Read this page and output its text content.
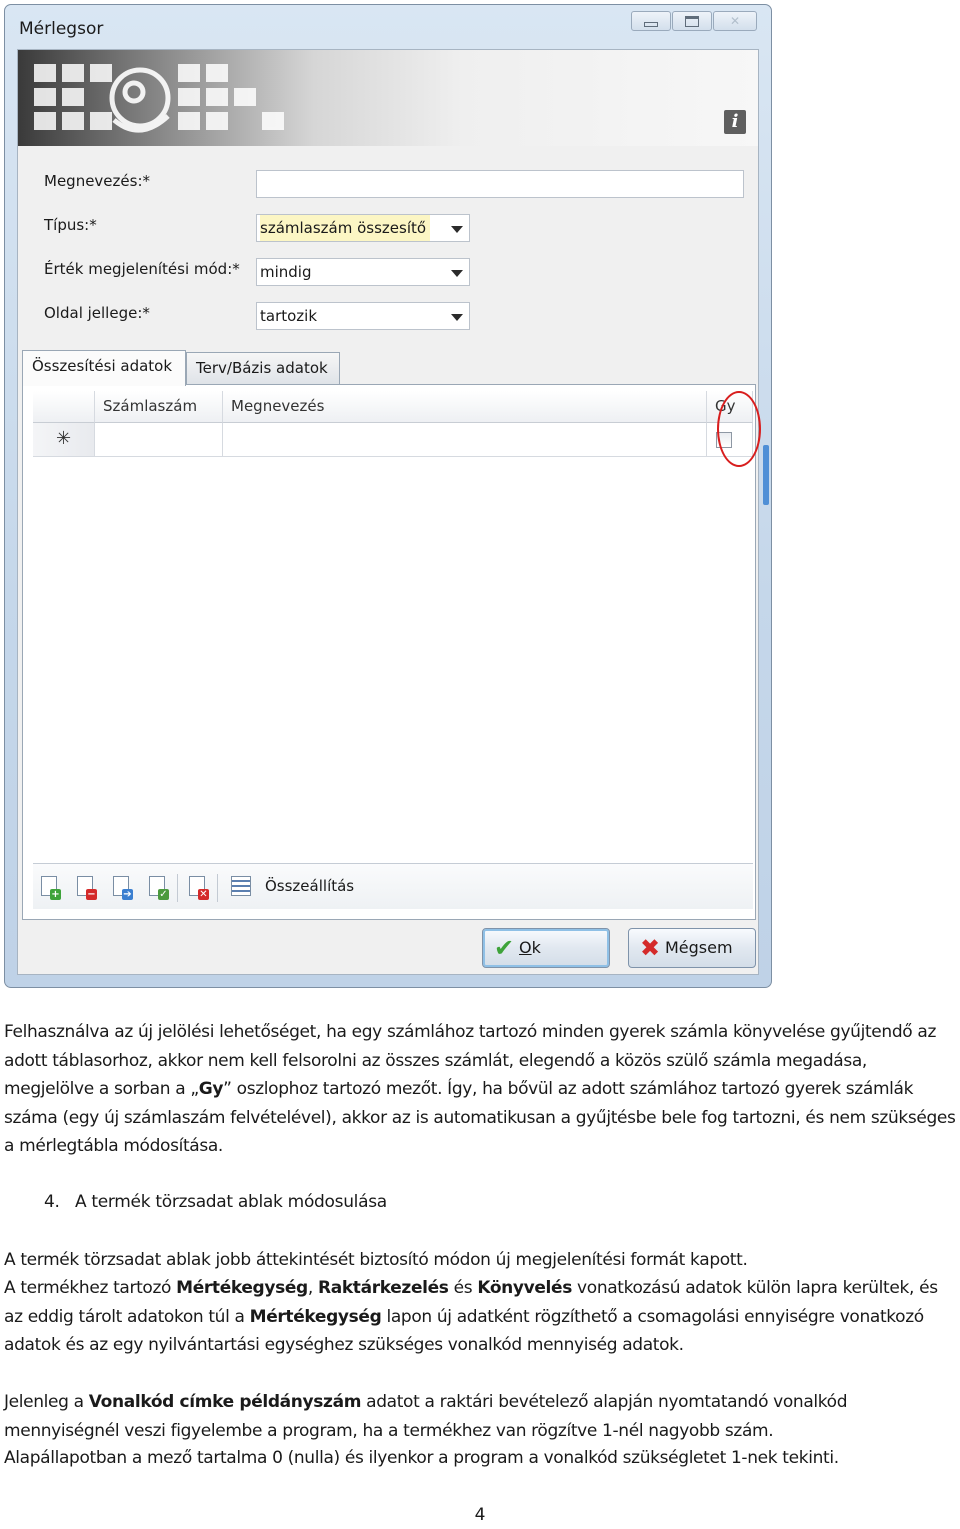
Mérlegsor	✕
i
Megnevezés:*
Típus:*	számlaszám összesítő
Érték megjelenítési mód:* mindig
Oldal jellege:*	tartozik
Összesítési adatok	Terv/Bázis adatok
Számlaszám	Megnevezés	Gy
✳
+	−	➔	✓	✕	Összeállítás
✔ Ok	✖ Mégsem

Felhasználva az új jelölési lehetőséget, ha egy számlához tartozó minden gyerek számla könyvelése gyűjtendő az adott táblasorhoz, akkor nem kell felsorolni az összes számlát, elegendő a közös szülő számla megadása, megjelölve a sorban a „Gy” oszlophoz tartozó mezőt. Így, ha bővül az adott számlához tartozó gyerek számlák száma (egy új számlaszám felvételével), akkor az is automatikusan a gyűjtésbe bele fog tartozni, és nem szükséges a mérlegtábla módosítása.

4. A termék törzsadat ablak módosulása

A termék törzsadat ablak jobb áttekintését biztosító módon új megjelenítési formát kapott.

A termékhez tartozó Mértékegység, Raktárkezelés és Könyvelés vonatkozású adatok külön lapra kerültek, és az eddig tárolt adatokon túl a Mértékegység lapon új adatként rögzíthető a csomagolási ennyiségre vonatkozó adatok és az egy nyilvántartási egységhez szükséges vonalkód mennyiség adatok.

Jelenleg a Vonalkód címke példányszám adatot a raktári bevételező alapján nyomtatandó vonalkód mennyiségnél veszi figyelembe a program, ha a termékhez van rögzítve 1-nél nagyobb szám.

Alapállapotban a mező tartalma 0 (nulla) és ilyenkor a program a vonalkód szükségletet 1-nek tekinti.

4
